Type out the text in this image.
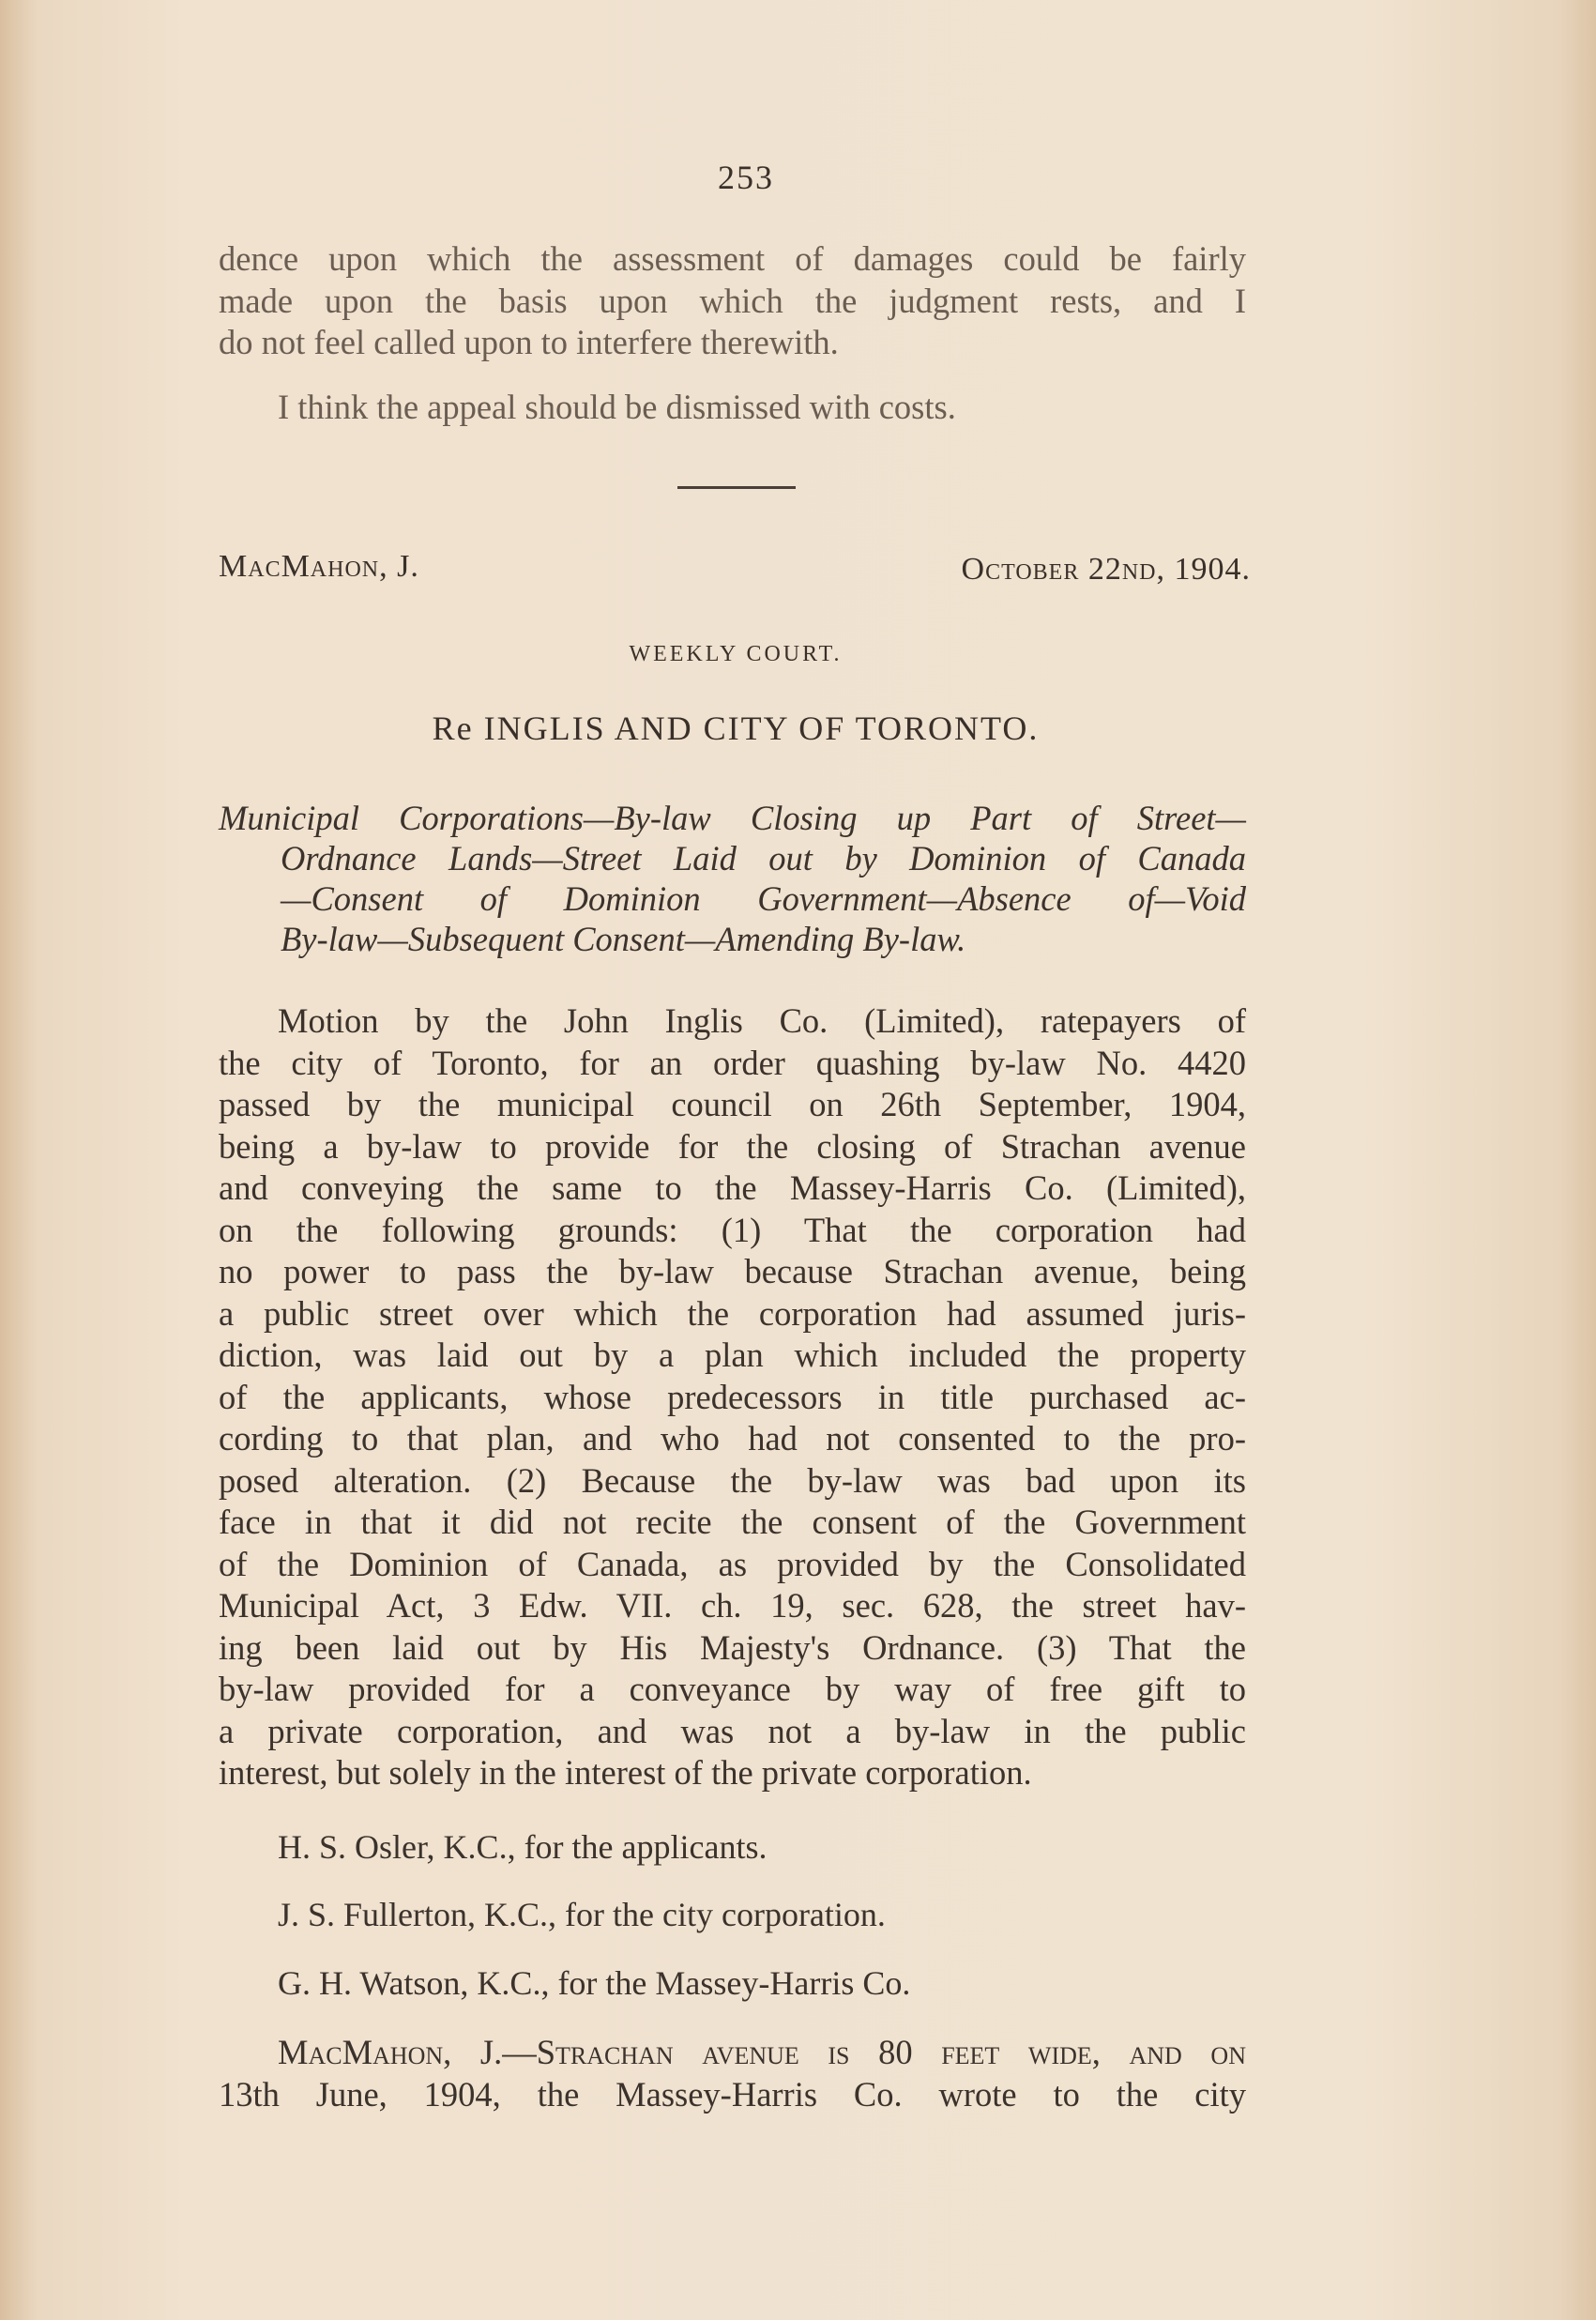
253
dence upon which the assessment of damages could be fairly
made upon the basis upon which the judgment rests, and I
do not feel called upon to interfere therewith.
I think the appeal should be dismissed with costs.
MacMahon, J.	October 22nd, 1904.
WEEKLY COURT.
Re INGLIS AND CITY OF TORONTO.
Municipal Corporations—By-law Closing up Part of Street—
Ordnance Lands—Street Laid out by Dominion of Canada
—Consent of Dominion Government—Absence of—Void
By-law—Subsequent Consent—Amending By-law.
Motion by the John Inglis Co. (Limited), ratepayers of
the city of Toronto, for an order quashing by-law No. 4420
passed by the municipal council on 26th September, 1904,
being a by-law to provide for the closing of Strachan avenue
and conveying the same to the Massey-Harris Co. (Limited),
on the following grounds: (1) That the corporation had
no power to pass the by-law because Strachan avenue, being
a public street over which the corporation had assumed juris-
diction, was laid out by a plan which included the property
of the applicants, whose predecessors in title purchased ac-
cording to that plan, and who had not consented to the pro-
posed alteration. (2) Because the by-law was bad upon its
face in that it did not recite the consent of the Government
of the Dominion of Canada, as provided by the Consolidated
Municipal Act, 3 Edw. VII. ch. 19, sec. 628, the street hav-
ing been laid out by His Majesty's Ordnance. (3) That the
by-law provided for a conveyance by way of free gift to
a private corporation, and was not a by-law in the public
interest, but solely in the interest of the private corporation.
H. S. Osler, K.C., for the applicants.
J. S. Fullerton, K.C., for the city corporation.
G. H. Watson, K.C., for the Massey-Harris Co.
MacMahon, J.—Strachan avenue is 80 feet wide, and on
13th June, 1904, the Massey-Harris Co. wrote to the city
